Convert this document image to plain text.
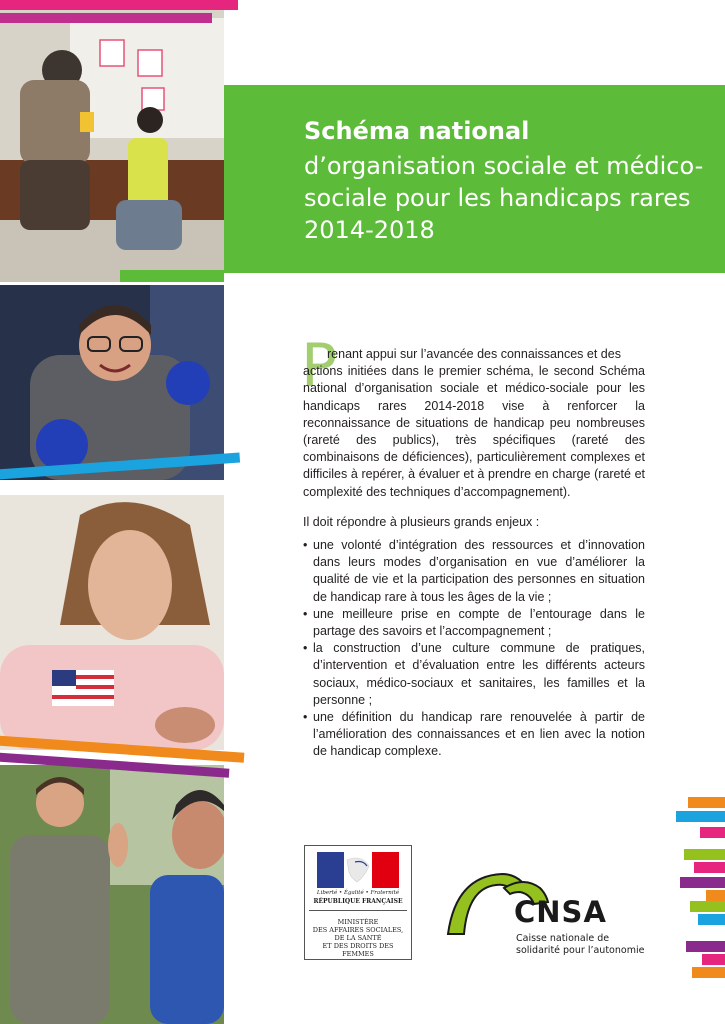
Schéma national
d’organisation sociale et médico-sociale pour les handicaps rares 2014-2018
P

renant appui sur l’avancée des connaissances et des

actions initiées dans le premier schéma, le second Schéma national d’organisation sociale et médico-sociale pour les handicaps rares 2014-2018 vise à renforcer la reconnaissance de situations de handicap peu nombreuses (rareté des publics), très spécifiques (rareté des combinaisons de déficiences), particulièrement complexes et difficiles à repérer, à évaluer et à prendre en charge (rareté et complexité des techniques d’accompagnement).

Il doit répondre à plusieurs grands enjeux :
• une volonté d’intégration des ressources et d’innovation dans leurs modes d’organisation en vue d’améliorer la qualité de vie et la participation des personnes en situation de handicap rare à tous les âges de la vie ;
• une meilleure prise en compte de l’entourage dans le partage des savoirs et l’accompagnement ;
• la construction d’une culture commune de pratiques, d’intervention et d’évaluation entre les différents acteurs sociaux, médico-sociaux et sanitaires, les familles et la personne ;
• une définition du handicap rare renouvelée à partir de l’amélioration des connaissances et en lien avec la notion de handicap complexe.
Liberté • Égalité • Fraternité
RÉPUBLIQUE FRANÇAISE
MINISTÈRE
DES AFFAIRES SOCIALES,
DE LA SANTÉ
ET DES DROITS DES FEMMES
CNSA
Caisse nationale de
solidarité pour l’autonomie
